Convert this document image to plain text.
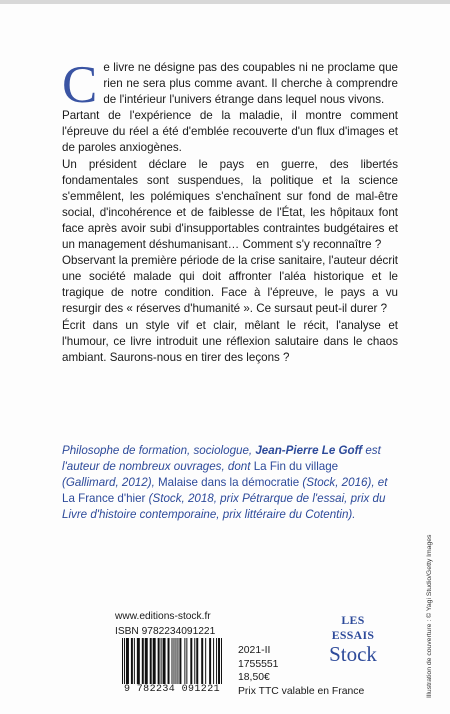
C e livre ne désigne pas des coupables ni ne proclame que rien ne sera plus comme avant. Il cherche à comprendre de l'intérieur l'univers étrange dans lequel nous vivons.

Partant de l'expérience de la maladie, il montre comment l'épreuve du réel a été d'emblée recouverte d'un flux d'images et de paroles anxiogènes.

Un président déclare le pays en guerre, des libertés fondamentales sont suspendues, la politique et la science s'emmêlent, les polémiques s'enchaînent sur fond de mal-être social, d'incohérence et de faiblesse de l'État, les hôpitaux font face après avoir subi d'insupportables contraintes budgétaires et un management déshumanisant… Comment s'y reconnaître ?

Observant la première période de la crise sanitaire, l'auteur décrit une société malade qui doit affronter l'aléa historique et le tragique de notre condition. Face à l'épreuve, le pays a vu resurgir des « réserves d'humanité ». Ce sursaut peut-il durer ?

Écrit dans un style vif et clair, mêlant le récit, l'analyse et l'humour, ce livre introduit une réflexion salutaire dans le chaos ambiant. Saurons-nous en tirer des leçons ?

Philosophe de formation, sociologue, Jean-Pierre Le Goff est l'auteur de nombreux ouvrages, dont La Fin du village (Gallimard, 2012), Malaise dans la démocratie (Stock, 2016), et La France d'hier (Stock, 2018, prix Pétrarque de l'essai, prix du Livre d'histoire contemporaine, prix littéraire du Cotentin).

www.editions-stock.fr
ISBN 9782234091221
9 782234 091221
2021-II
1755551
18,50€
Prix TTC valable en France
LES ESSAIS
Stock	Illustration de couverture : © Yagi Studio/Getty Images
